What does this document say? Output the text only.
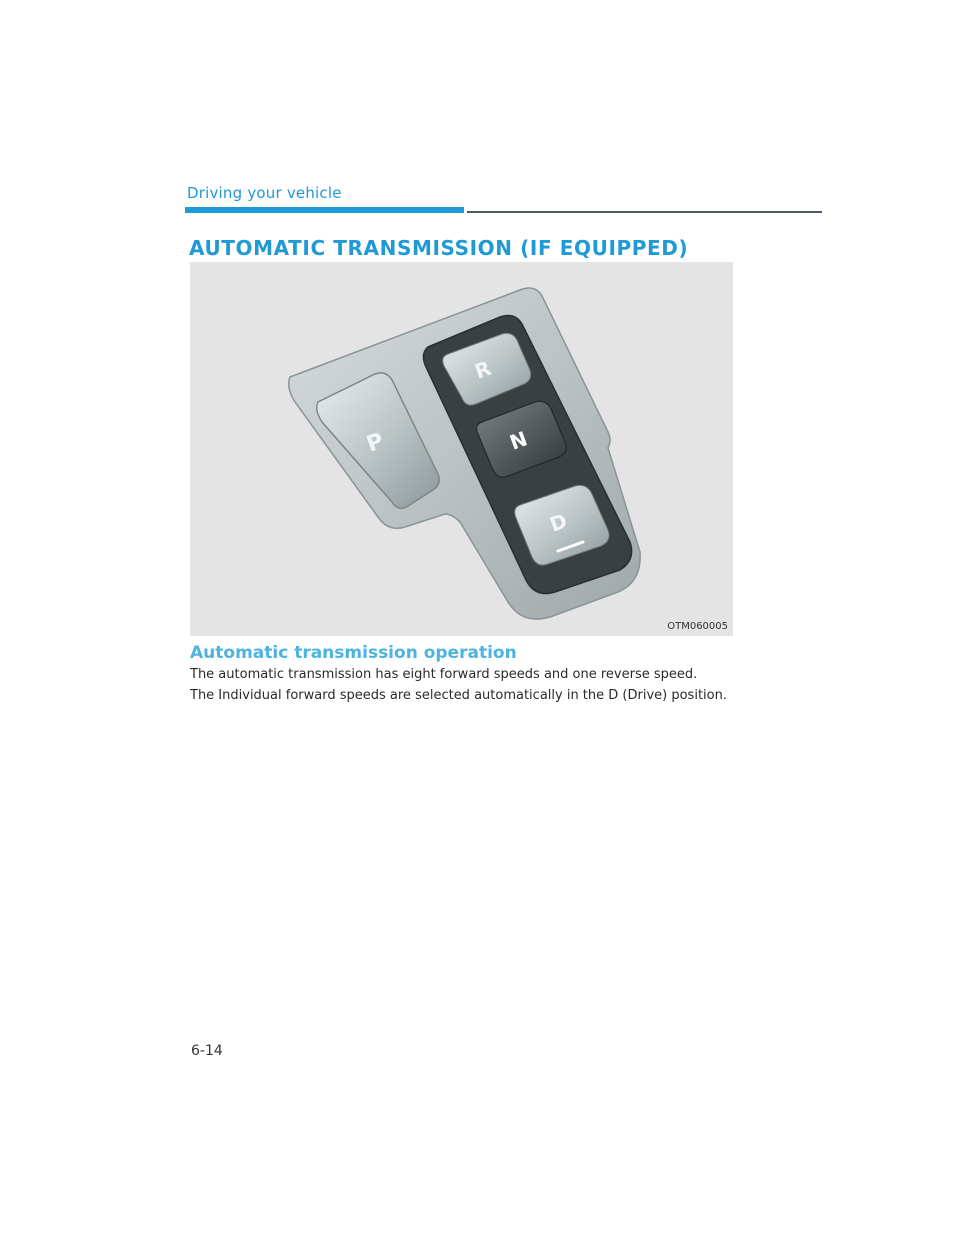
Driving your vehicle
AUTOMATIC TRANSMISSION (IF EQUIPPED)
P
R
N
D
OTM060005
Automatic transmission operation

The automatic transmission has eight forward speeds and one reverse speed.

The Individual forward speeds are selected automatically in the D (Drive) position.

6-14
